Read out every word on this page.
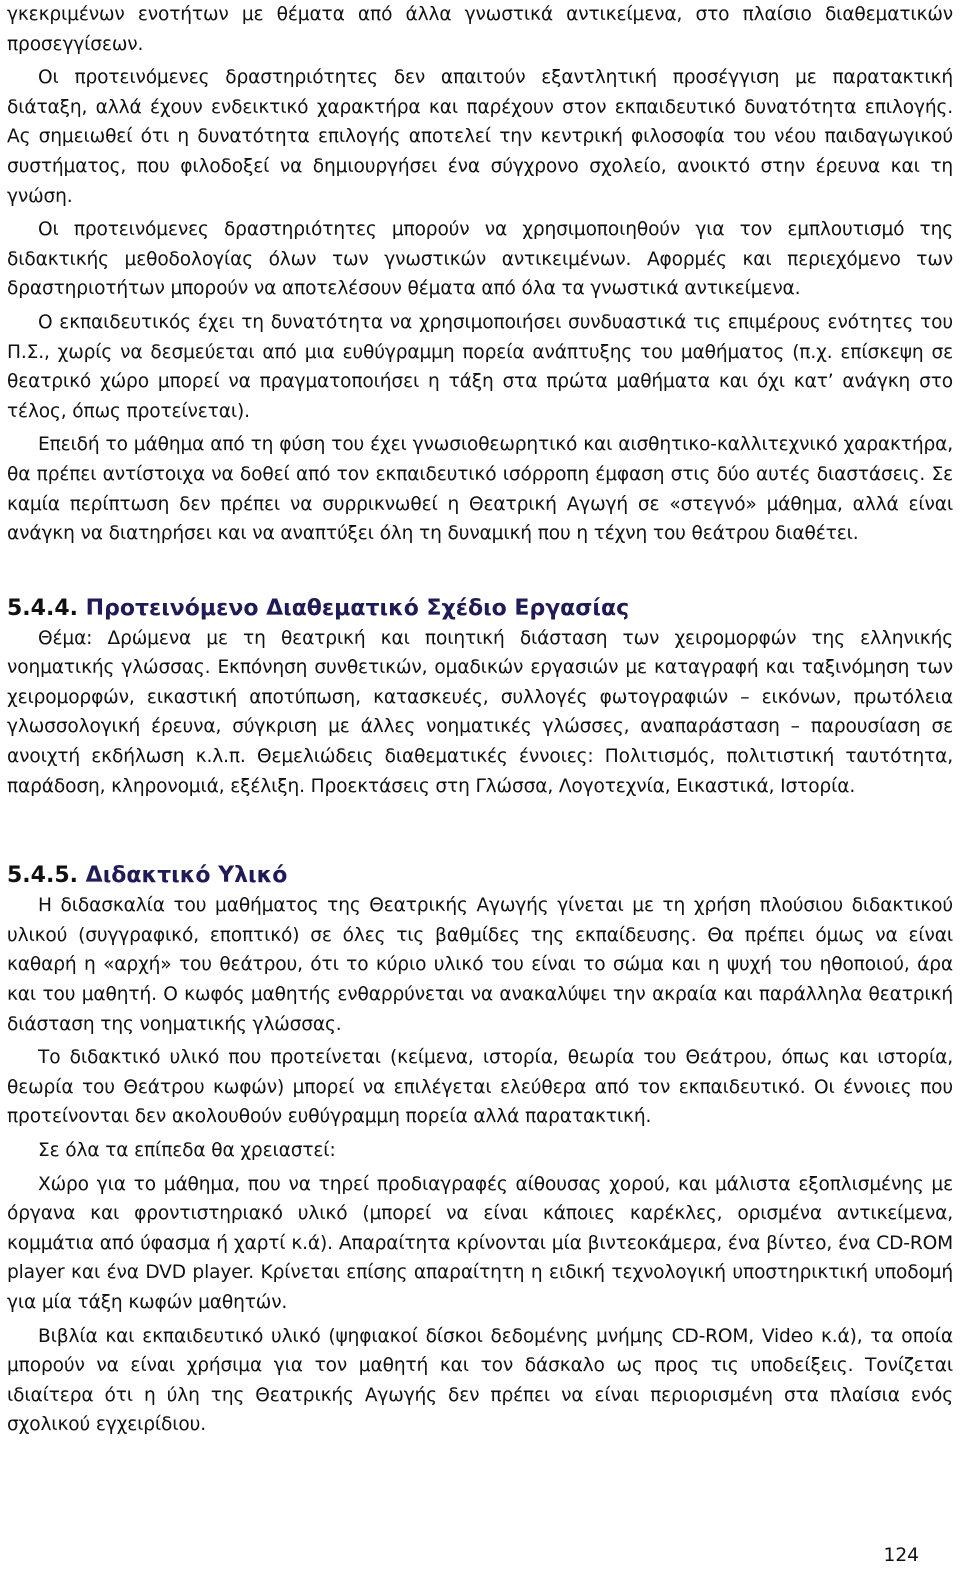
γκεκριμένων ενοτήτων με θέματα από άλλα γνωστικά αντικείμενα, στο πλαίσιο διαθεματικών προσεγγίσεων.

Οι προτεινόμενες δραστηριότητες δεν απαιτούν εξαντλητική προσέγγιση με παρατακτική διάταξη, αλλά έχουν ενδεικτικό χαρακτήρα και παρέχουν στον εκπαιδευτικό δυνατότητα επιλογής. Ας σημειωθεί ότι η δυνατότητα επιλογής αποτελεί την κεντρική φιλοσοφία του νέου παιδαγωγικού συστήματος, που φιλοδοξεί να δημιουργήσει ένα σύγχρονο σχολείο, ανοικτό στην έρευνα και τη γνώση.

Οι προτεινόμενες δραστηριότητες μπορούν να χρησιμοποιηθούν για τον εμπλουτισμό της διδακτικής μεθοδολογίας όλων των γνωστικών αντικειμένων. Αφορμές και περιεχόμενο των δραστηριοτήτων μπορούν να αποτελέσουν θέματα από όλα τα γνωστικά αντικείμενα.

Ο εκπαιδευτικός έχει τη δυνατότητα να χρησιμοποιήσει συνδυαστικά τις επιμέρους ενότητες του Π.Σ., χωρίς να δεσμεύεται από μια ευθύγραμμη πορεία ανάπτυξης του μαθήματος (π.χ. επίσκεψη σε θεατρικό χώρο μπορεί να πραγματοποιήσει η τάξη στα πρώτα μαθήματα και όχι κατ’ ανάγκη στο τέλος, όπως προτείνεται).

Επειδή το μάθημα από τη φύση του έχει γνωσιοθεωρητικό και αισθητικο-καλλιτεχνικό χαρακτήρα, θα πρέπει αντίστοιχα να δοθεί από τον εκπαιδευτικό ισόρροπη έμφαση στις δύο αυτές διαστάσεις. Σε καμία περίπτωση δεν πρέπει να συρρικνωθεί η Θεατρική Αγωγή σε «στεγνό» μάθημα, αλλά είναι ανάγκη να διατηρήσει και να αναπτύξει όλη τη δυναμική που η τέχνη του θεάτρου διαθέτει.

5.4.4. Προτεινόμενο Διαθεματικό Σχέδιο Εργασίας

Θέμα: Δρώμενα με τη θεατρική και ποιητική διάσταση των χειρομορφών της ελληνικής νοηματικής γλώσσας. Εκπόνηση συνθετικών, ομαδικών εργασιών με καταγραφή και ταξινόμηση των χειρομορφών, εικαστική αποτύπωση, κατασκευές, συλλογές φωτογραφιών – εικόνων, πρωτόλεια γλωσσολογική έρευνα, σύγκριση με άλλες νοηματικές γλώσσες, αναπαράσταση – παρουσίαση σε ανοιχτή εκδήλωση κ.λ.π. Θεμελιώδεις διαθεματικές έννοιες: Πολιτισμός, πολιτιστική ταυτότητα, παράδοση, κληρονομιά, εξέλιξη. Προεκτάσεις στη Γλώσσα, Λογοτεχνία, Εικαστικά, Ιστορία.

5.4.5. Διδακτικό Υλικό

Η διδασκαλία του μαθήματος της Θεατρικής Αγωγής γίνεται με τη χρήση πλούσιου διδακτικού υλικού (συγγραφικό, εποπτικό) σε όλες τις βαθμίδες της εκπαίδευσης. Θα πρέπει όμως να είναι καθαρή η «αρχή» του θεάτρου, ότι το κύριο υλικό του είναι το σώμα και η ψυχή του ηθοποιού, άρα και του μαθητή. Ο κωφός μαθητής ενθαρρύνεται να ανακαλύψει την ακραία και παράλληλα θεατρική διάσταση της νοηματικής γλώσσας.

Το διδακτικό υλικό που προτείνεται (κείμενα, ιστορία, θεωρία του Θεάτρου, όπως και ιστορία, θεωρία του Θεάτρου κωφών) μπορεί να επιλέγεται ελεύθερα από τον εκπαιδευτικό. Οι έννοιες που προτείνονται δεν ακολουθούν ευθύγραμμη πορεία αλλά παρατακτική.

Σε όλα τα επίπεδα θα χρειαστεί:

Χώρο για το μάθημα, που να τηρεί προδιαγραφές αίθουσας χορού, και μάλιστα εξοπλισμένης με όργανα και φροντιστηριακό υλικό (μπορεί να είναι κάποιες καρέκλες, ορισμένα αντικείμενα, κομμάτια από ύφασμα ή χαρτί κ.ά). Απαραίτητα κρίνονται μία βιντεοκάμερα, ένα βίντεο, ένα CD-ROM player και ένα DVD player. Κρίνεται επίσης απαραίτητη η ειδική τεχνολογική υποστηρικτική υποδομή για μία τάξη κωφών μαθητών.

Βιβλία και εκπαιδευτικό υλικό (ψηφιακοί δίσκοι δεδομένης μνήμης CD-ROM, Video κ.ά), τα οποία μπορούν να είναι χρήσιμα για τον μαθητή και τον δάσκαλο ως προς τις υποδείξεις. Τονίζεται ιδιαίτερα ότι η ύλη της Θεατρικής Αγωγής δεν πρέπει να είναι περιορισμένη στα πλαίσια ενός σχολικού εγχειρίδιου.

124
